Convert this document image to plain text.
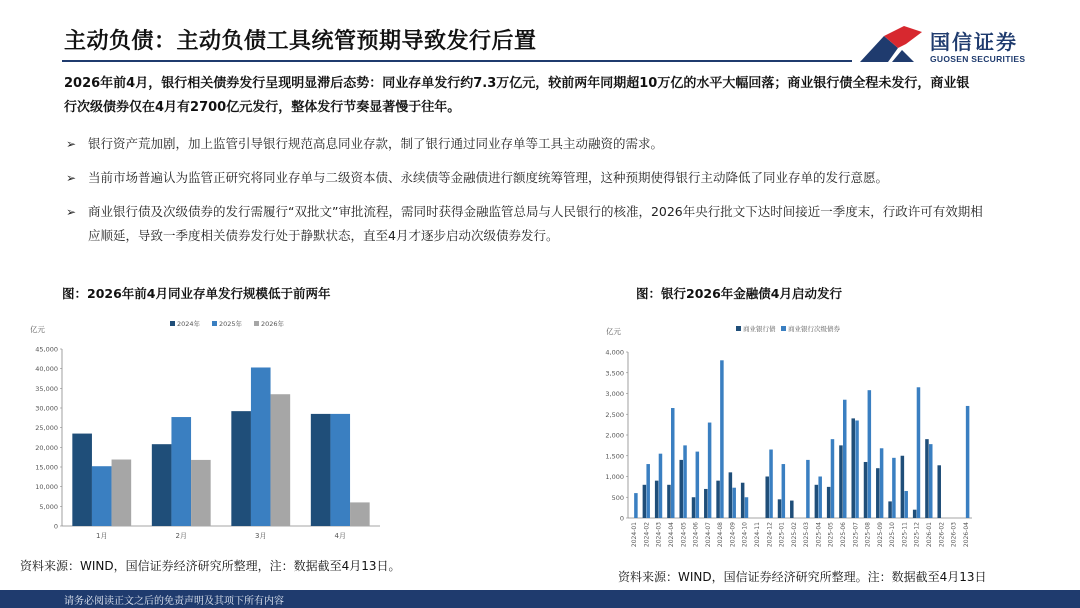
主动负债：主动负债工具统管预期导致发行后置	国信证券
GUOSEN SECURITIES

2026年前4月，银行相关债券发行呈现明显滞后态势：同业存单发行约7.3万亿元，较前两年同期超10万亿的水平大幅回落；商业银行债全程未发行，商业银行次级债券仅在4月有2700亿元发行，整体发行节奏显著慢于往年。

➢ 银行资产荒加剧，加上监管引导银行规范高息同业存款，制了银行通过同业存单等工具主动融资的需求。
➢ 当前市场普遍认为监管正研究将同业存单与二级资本债、永续债等金融债进行额度统筹管理，这种预期使得银行主动降低了同业存单的发行意愿。
➢ 商业银行债及次级债券的发行需履行“双批文”审批流程，需同时获得金融监管总局与人民银行的核准，2026年央行批文下达时间接近一季度末，行政许可有效期相应顺延，导致一季度相关债券发行处于静默状态，直至4月才逐步启动次级债券发行。
图：2026年前4月同业存单发行规模低于前两年	图：银行2026年金融债4月启动发行
亿元
0
5,000
10,000
15,000
20,000
25,000
30,000
35,000
40,000
45,000
1月	2月	3月	4月
2024年	2025年	2026年
亿元
0
500
1,000
1,500
2,000
2,500
3,000
3,500
4,000
2024-01 2024-02 2024-03 2024-04 2024-05 2024-06 2024-07 2024-08 2024-09 2024-10 2024-11 2024-12 2025-01 2025-02 2025-03 2025-04 2025-05 2025-06 2025-07 2025-08 2025-09 2025-10 2025-11 2025-12 2026-01 2026-02 2026-03 2026-04
商业银行债 商业银行次级债券
资料来源：WIND，国信证券经济研究所整理，注：数据截至4月13日。
资料来源：WIND，国信证券经济研究所整理。注：数据截至4月13日
请务必阅读正文之后的免责声明及其项下所有内容
